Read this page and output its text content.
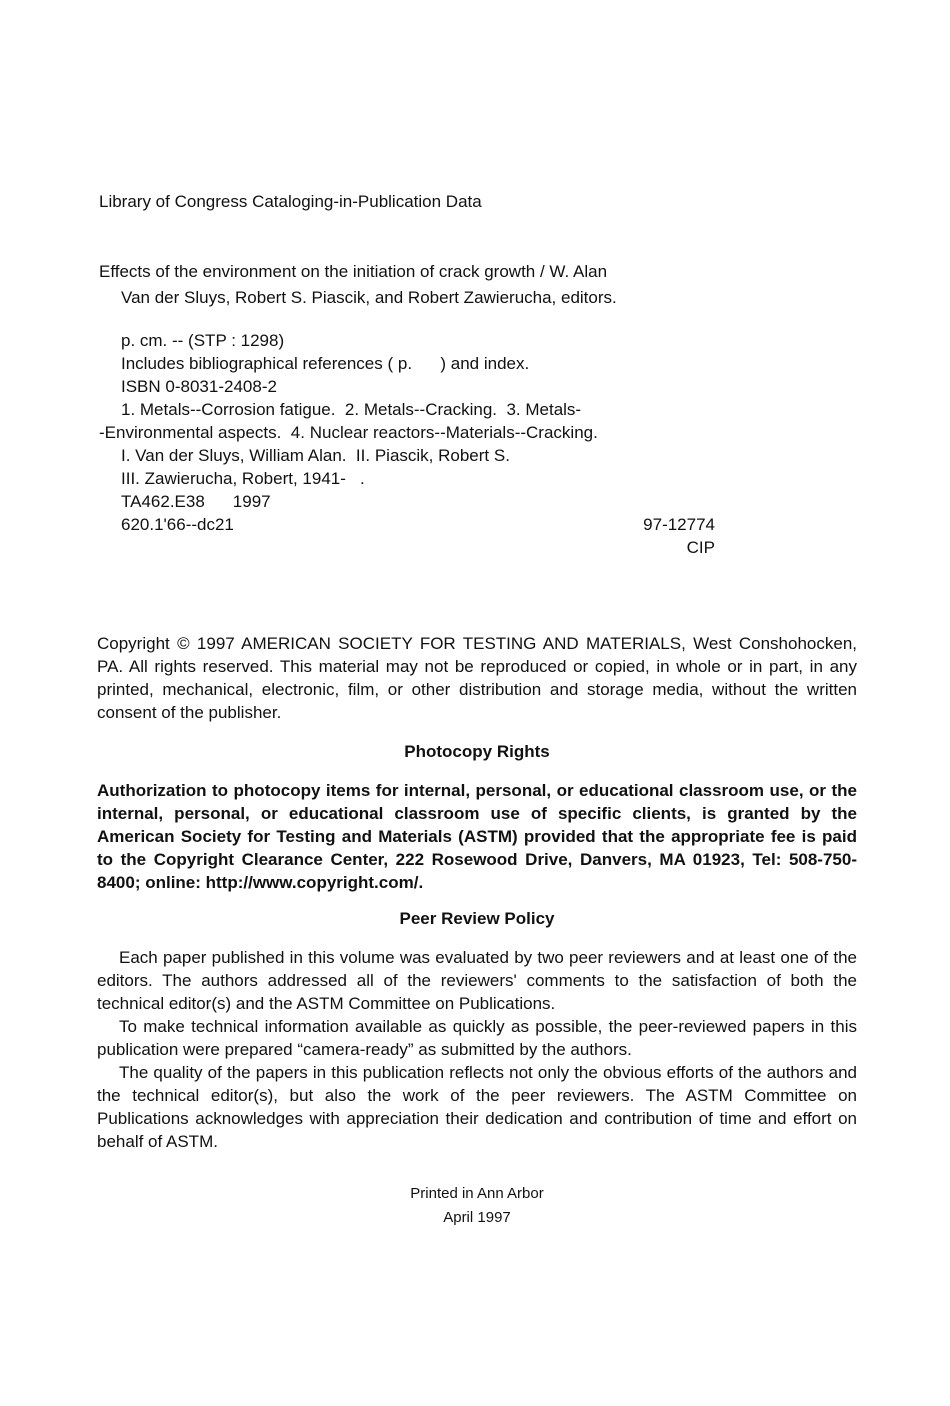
Library of Congress Cataloging-in-Publication Data
Effects of the environment on the initiation of crack growth / W. Alan
Van der Sluys, Robert S. Piascik, and Robert Zawierucha, editors.
p. cm. -- (STP : 1298)
Includes bibliographical references ( p.      ) and index.
ISBN 0-8031-2408-2
1. Metals--Corrosion fatigue.  2. Metals--Cracking.  3. Metals-
-Environmental aspects.  4. Nuclear reactors--Materials--Cracking.
I. Van der Sluys, William Alan.  II. Piascik, Robert S.
III. Zawierucha, Robert, 1941-   .
TA462.E38 1997
620.1'66--dc21	97-12774
CIP
Copyright © 1997 AMERICAN SOCIETY FOR TESTING AND MATERIALS, West Conshohocken, PA. All rights reserved. This material may not be reproduced or copied, in whole or in part, in any printed, mechanical, electronic, film, or other distribution and storage media, without the written consent of the publisher.
Photocopy Rights
Authorization to photocopy items for internal, personal, or educational classroom use, or the internal, personal, or educational classroom use of specific clients, is granted by the American Society for Testing and Materials (ASTM) provided that the appropriate fee is paid to the Copyright Clearance Center, 222 Rosewood Drive, Danvers, MA 01923, Tel: 508-750-8400; online: http://www.copyright.com/.
Peer Review Policy

Each paper published in this volume was evaluated by two peer reviewers and at least one of the editors. The authors addressed all of the reviewers' comments to the satisfaction of both the technical editor(s) and the ASTM Committee on Publications.

To make technical information available as quickly as possible, the peer-reviewed papers in this publication were prepared “camera-ready” as submitted by the authors.

The quality of the papers in this publication reflects not only the obvious efforts of the authors and the technical editor(s), but also the work of the peer reviewers. The ASTM Committee on Publications acknowledges with appreciation their dedication and contribution of time and effort on behalf of ASTM.

Printed in Ann Arbor
April 1997
